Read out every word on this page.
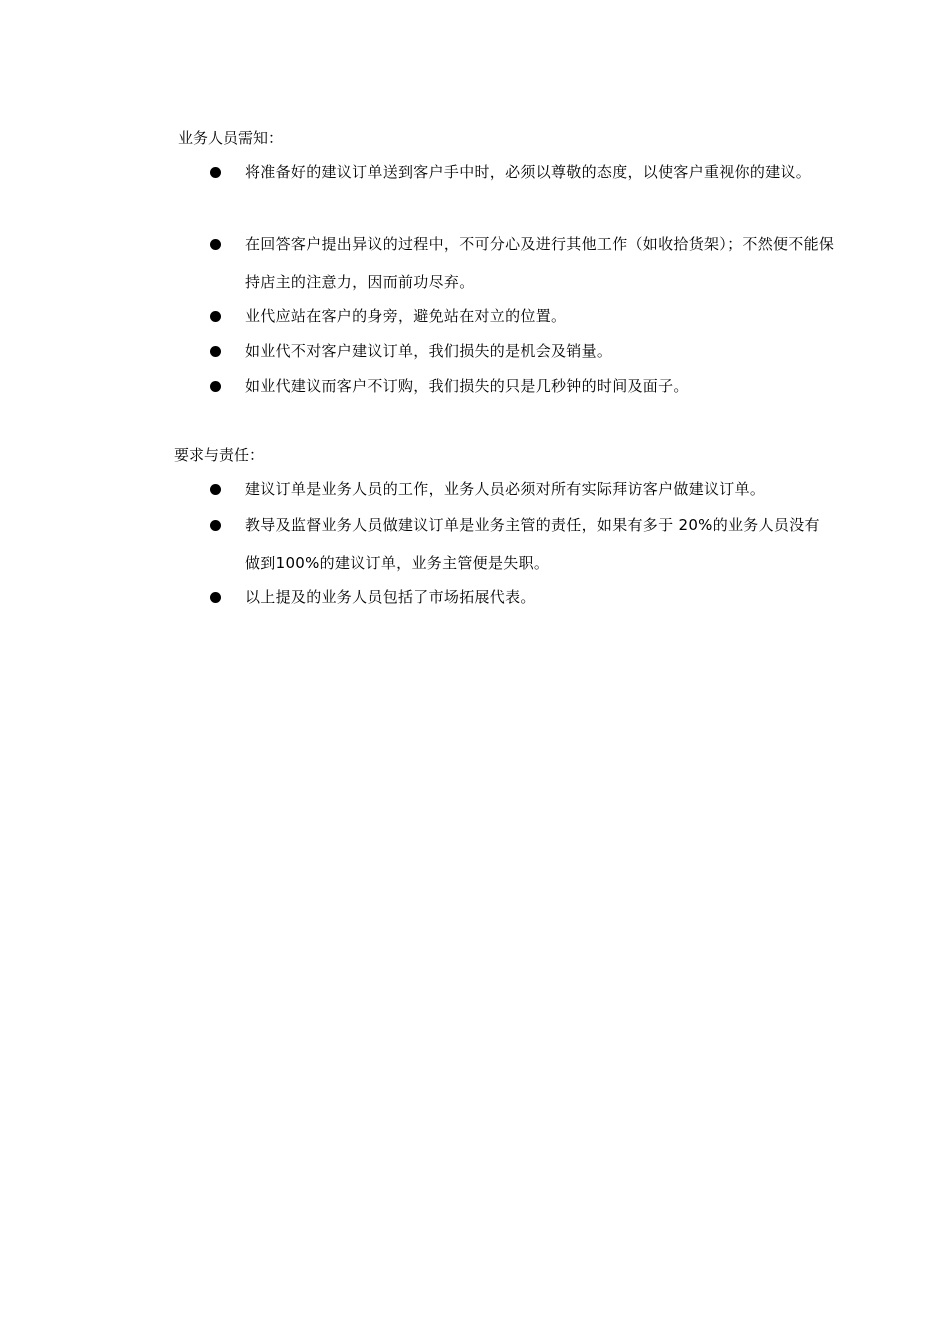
业务人员需知：
将准备好的建议订单送到客户手中时，必须以尊敬的态度，以使客户重视你的建议。
在回答客户提出异议的过程中，不可分心及进行其他工作（如收拾货架）；不然便不能保持店主的注意力，因而前功尽弃。
业代应站在客户的身旁，避免站在对立的位置。
如业代不对客户建议订单，我们损失的是机会及销量。
如业代建议而客户不订购，我们损失的只是几秒钟的时间及面子。
要求与责任：
建议订单是业务人员的工作，业务人员必须对所有实际拜访客户做建议订单。
教导及监督业务人员做建议订单是业务主管的责任，如果有多于 20%的业务人员没有做到100%的建议订单，业务主管便是失职。
以上提及的业务人员包括了市场拓展代表。
